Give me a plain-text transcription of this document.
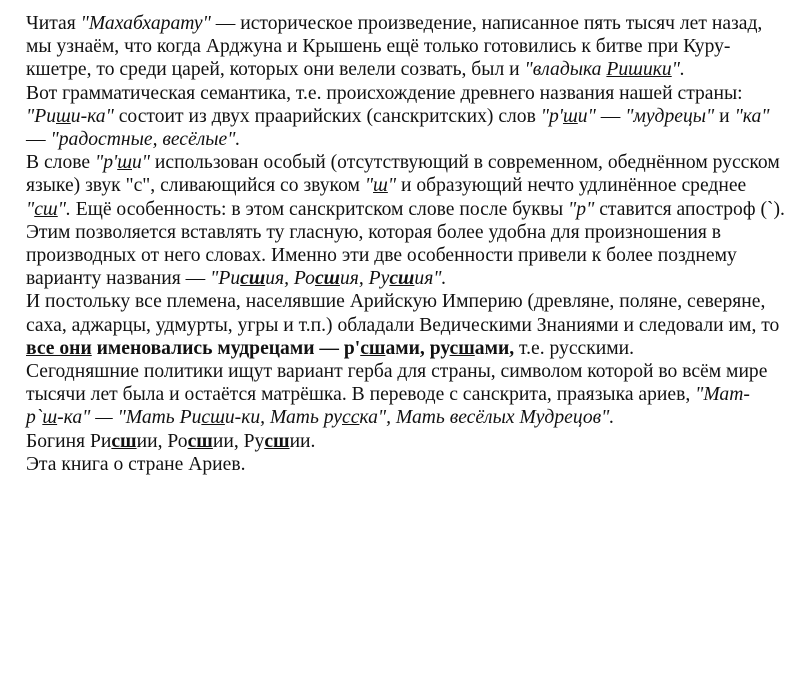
Читая "Махабхарату" — историческое произведение, написанное пять тысяч лет назад, мы узнаём, что когда Арджуна и Крышень ещё только готовились к битве при Куру-кшетре, то среди царей, которых они велели созвать, был и "владыка Ришики".

Вот грамматическая семантика, т.е. происхождение древнего названия нашей страны:

"Риши-ка" состоит из двух праарийских (санскритских) слов "р'ши" — "мудрецы" и "ка" — "радостные, весёлые".

В слове "р'ши" использован особый (отсутствующий в современном, обеднённом русском языке) звук "с", сливающийся со звуком "ш" и образующий нечто удлинённое среднее "сш". Ещё особенность: в этом санскритском слове после буквы "р" ставится апостроф (`). Этим позволяется вставлять ту гласную, которая более удобна для произношения в производных от него словах. Именно эти две особенности привели к более позднему варианту названия — "Рисшия, Росшия, Русшия".

И постольку все племена, населявшие Арийскую Империю (древляне, поляне, северяне, саха, аджарцы, удмурты, угры и т.п.) обладали Ведическими Знаниями и следовали им, то все они именовались мудрецами — р'сшами, русшами, т.е. русскими.

Сегодняшние политики ищут вариант герба для страны, символом которой во всём мире тысячи лет была и остаётся матрёшка. В переводе с санскрита, праязыка ариев, "Мат-р`ш-ка" — "Мать Рисши-ки, Мать русска", Мать весёлых Мудрецов".

Богиня Рисшии, Росшии, Русшии.

Эта книга о стране Ариев.
